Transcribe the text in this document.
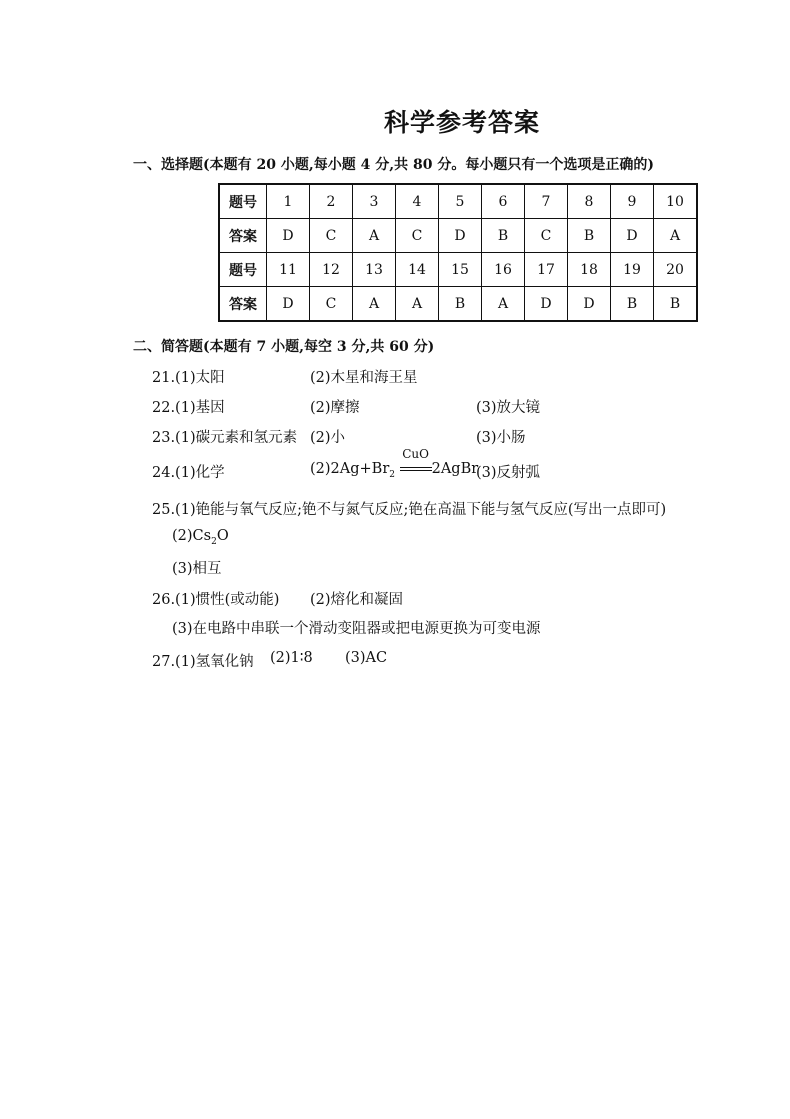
科学参考答案
一、选择题(本题有 20 小题,每小题 4 分,共 80 分。每小题只有一个选项是正确的)
题号	1	2	3	4	5	6	7	8	9	10
答案	D	C	A	C	D	B	C	B	D	A
题号	11	12	13	14	15	16	17	18	19	20
答案	D	C	A	A	B	A	D	D	B	B
二、简答题(本题有 7 小题,每空 3 分,共 60 分)
21.(1)太阳	(2)木星和海王星
22.(1)基因	(2)摩擦	(3)放大镜
23.(1)碳元素和氢元素 (2)小	(3)小肠
24.(1)化学	$(2)2Ag+Br_2$
CuO
2AgBr
(3)反射弧
25.(1)铯能与氧气反应;铯不与氮气反应;铯在高温下能与氢气反应(写出一点即可)
$(2)Cs_2O$
(3)相互
26.(1)惯性(或动能) (2)熔化和凝固
(3)在电路中串联一个滑动变阻器或把电源更换为可变电源
27.(1)氢氧化钠 (2)1∶8 (3)AC
